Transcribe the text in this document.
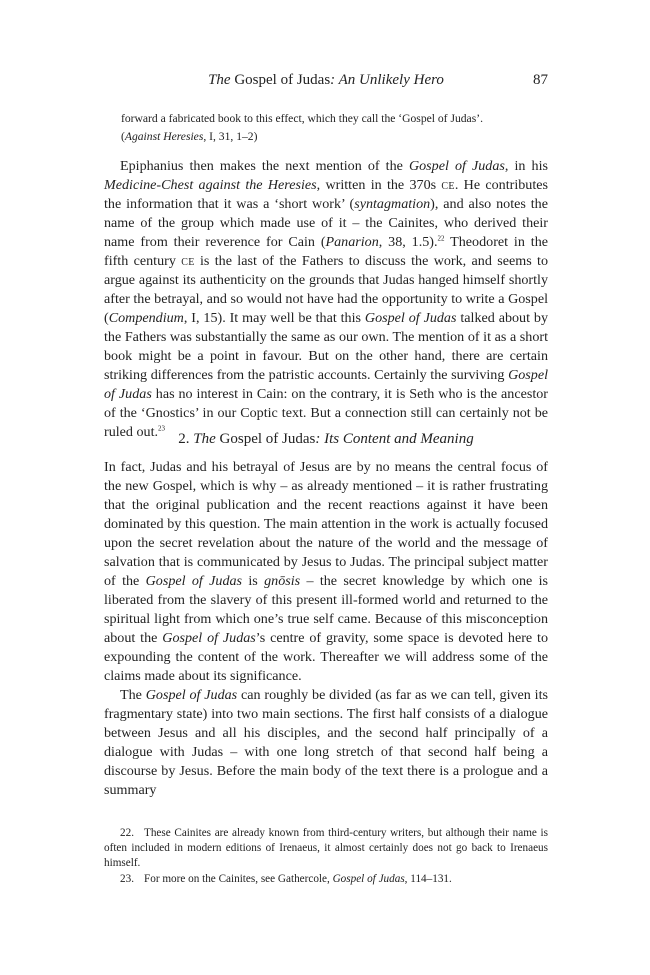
The Gospel of Judas: An Unlikely Hero	87

forward a fabricated book to this effect, which they call the ‘Gospel of Judas’.

(Against Heresies, I, 31, 1–2)

Epiphanius then makes the next mention of the Gospel of Judas, in his Medicine-Chest against the Heresies, written in the 370s ce. He contributes the information that it was a ‘short work’ (syntagmation), and also notes the name of the group which made use of it – the Cainites, who derived their name from their reverence for Cain (Panarion, 38, 1.5).$^{22}$ Theodoret in the fifth century ce is the last of the Fathers to discuss the work, and seems to argue against its authenticity on the grounds that Judas hanged himself shortly after the betrayal, and so would not have had the opportunity to write a Gospel (Compendium, I, 15). It may well be that this Gospel of Judas talked about by the Fathers was substantially the same as our own. The mention of it as a short book might be a point in favour. But on the other hand, there are certain striking differences from the patristic accounts. Certainly the surviving Gospel of Judas has no interest in Cain: on the contrary, it is Seth who is the ancestor of the ‘Gnostics’ in our Coptic text. But a connection still can certainly not be ruled out.$^{23}$

2. The Gospel of Judas: Its Content and Meaning

In fact, Judas and his betrayal of Jesus are by no means the central focus of the new Gospel, which is why – as already mentioned – it is rather frustrating that the original publication and the recent reactions against it have been dominated by this question. The main attention in the work is actually focused upon the secret revelation about the nature of the world and the message of salvation that is communicated by Jesus to Judas. The principal subject matter of the Gospel of Judas is gnōsis – the secret knowledge by which one is liberated from the slavery of this present ill-formed world and returned to the spiritual light from which one’s true self came. Because of this misconception about the Gospel of Judas’s centre of gravity, some space is devoted here to expounding the content of the work. Thereafter we will address some of the claims made about its significance.

The Gospel of Judas can roughly be divided (as far as we can tell, given its fragmentary state) into two main sections. The first half consists of a dialogue between Jesus and all his disciples, and the second half principally of a dialogue with Judas – with one long stretch of that second half being a discourse by Jesus. Before the main body of the text there is a prologue and a summary

22. These Cainites are already known from third-century writers, but although their name is often included in modern editions of Irenaeus, it almost certainly does not go back to Irenaeus himself.

23. For more on the Cainites, see Gathercole, Gospel of Judas, 114–131.
